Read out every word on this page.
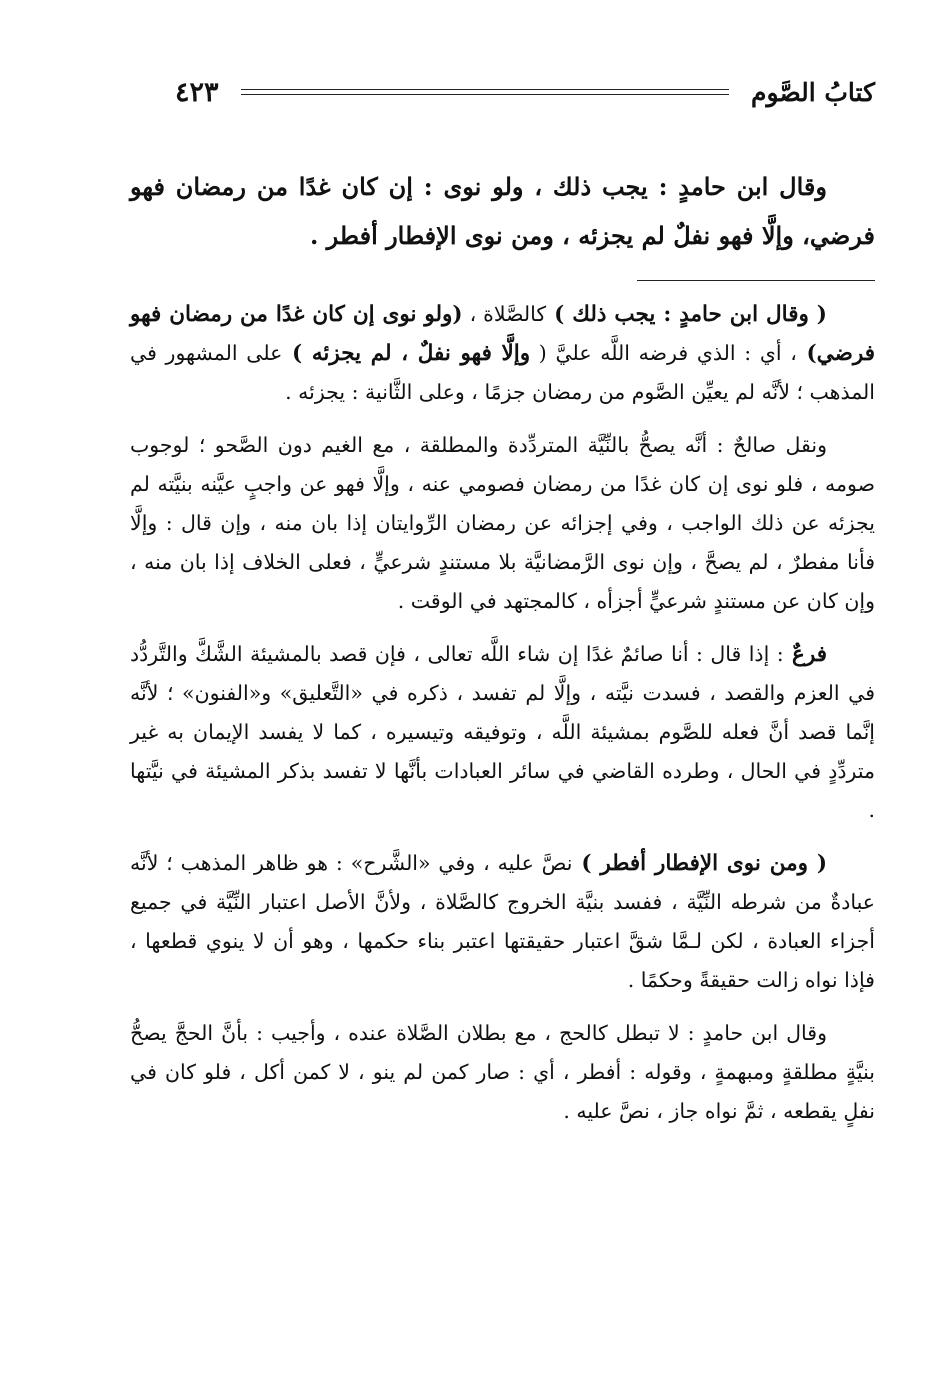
كتابُ الصَّوم
٤٢٣

وقال ابن حامدٍ : يجب ذلك ، ولو نوى : إن كان غدًا من رمضان فهو فرضي، وإلَّا فهو نفلٌ لم يجزئه ، ومن نوى الإفطار أفطر .

( وقال ابن حامدٍ : يجب ذلك ) كالصَّلاة ، (ولو نوى إن كان غدًا من رمضان فهو فرضي) ، أي : الذي فرضه اللَّه عليَّ ( وإلَّا فهو نفلٌ ، لم يجزئه ) على المشهور في المذهب ؛ لأنَّه لم يعيِّن الصَّوم من رمضان جزمًا ، وعلى الثَّانية : يجزئه .

ونقل صالحٌ : أنَّه يصحُّ بالنِّيَّة المتردِّدة والمطلقة ، مع الغيم دون الصَّحو ؛ لوجوب صومه ، فلو نوى إن كان غدًا من رمضان فصومي عنه ، وإلَّا فهو عن واجبٍ عيَّنه بنيَّته لم يجزئه عن ذلك الواجب ، وفي إجزائه عن رمضان الرِّوايتان إذا بان منه ، وإن قال : وإلَّا فأنا مفطرٌ ، لم يصحَّ ، وإن نوى الرَّمضانيَّة بلا مستندٍ شرعيٍّ ، فعلى الخلاف إذا بان منه ، وإن كان عن مستندٍ شرعيٍّ أجزأه ، كالمجتهد في الوقت .

فرعٌ : إذا قال : أنا صائمٌ غدًا إن شاء اللَّه تعالى ، فإن قصد بالمشيئة الشَّكَّ والتَّردُّد في العزم والقصد ، فسدت نيَّته ، وإلَّا لم تفسد ، ذكره في «التَّعليق» و«الفنون» ؛ لأنَّه إنَّما قصد أنَّ فعله للصَّوم بمشيئة اللَّه ، وتوفيقه وتيسيره ، كما لا يفسد الإيمان به غير متردِّدٍ في الحال ، وطرده القاضي في سائر العبادات بأنَّها لا تفسد بذكر المشيئة في نيَّتها .

( ومن نوى الإفطار أفطر ) نصَّ عليه ، وفي «الشَّرح» : هو ظاهر المذهب ؛ لأنَّه عبادةٌ من شرطه النِّيَّة ، ففسد بنيَّة الخروج كالصَّلاة ، ولأنَّ الأصل اعتبار النِّيَّة في جميع أجزاء العبادة ، لكن لـمَّا شقَّ اعتبار حقيقتها اعتبر بناء حكمها ، وهو أن لا ينوي قطعها ، فإذا نواه زالت حقيقةً وحكمًا .

وقال ابن حامدٍ : لا تبطل كالحج ، مع بطلان الصَّلاة عنده ، وأجيب : بأنَّ الحجَّ يصحُّ بنيَّةٍ مطلقةٍ ومبهمةٍ ، وقوله : أفطر ، أي : صار كمن لم ينو ، لا كمن أكل ، فلو كان في نفلٍ يقطعه ، ثمَّ نواه جاز ، نصَّ عليه .
